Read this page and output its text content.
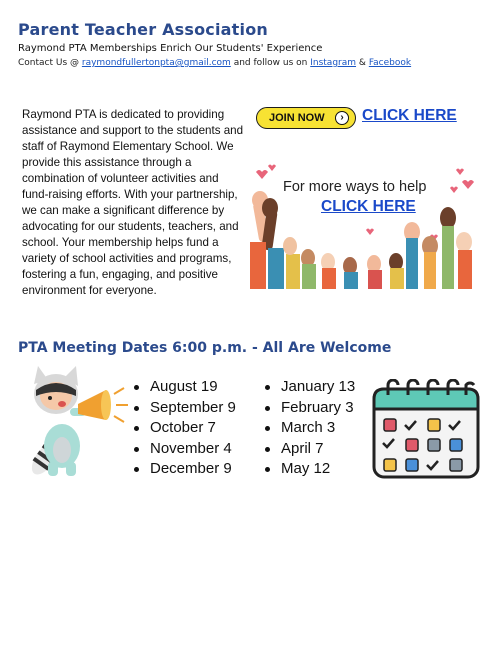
Parent Teacher Association
Raymond PTA Memberships Enrich Our Students' Experience
Contact Us @ raymondfullertonpta@gmail.com and follow us on Instagram & Facebook

Raymond PTA is dedicated to providing assistance and support to the students and staff of Raymond Elementary School. We provide this assistance through a combination of volunteer activities and fund-raising efforts. With your partnership, we can make a significant difference by advocating for our students, teachers, and school. Your membership helps fund a variety of school activities and programs, fostering a fun, engaging, and positive environment for everyone.

JOIN NOW	›	CLICK HERE
For more ways to help
CLICK HERE
PTA Meeting Dates 6:00 p.m. - All Are Welcome
August 19
September 9
October 7
November 4
December 9
January 13
February 3
March 3
April 7
May 12
